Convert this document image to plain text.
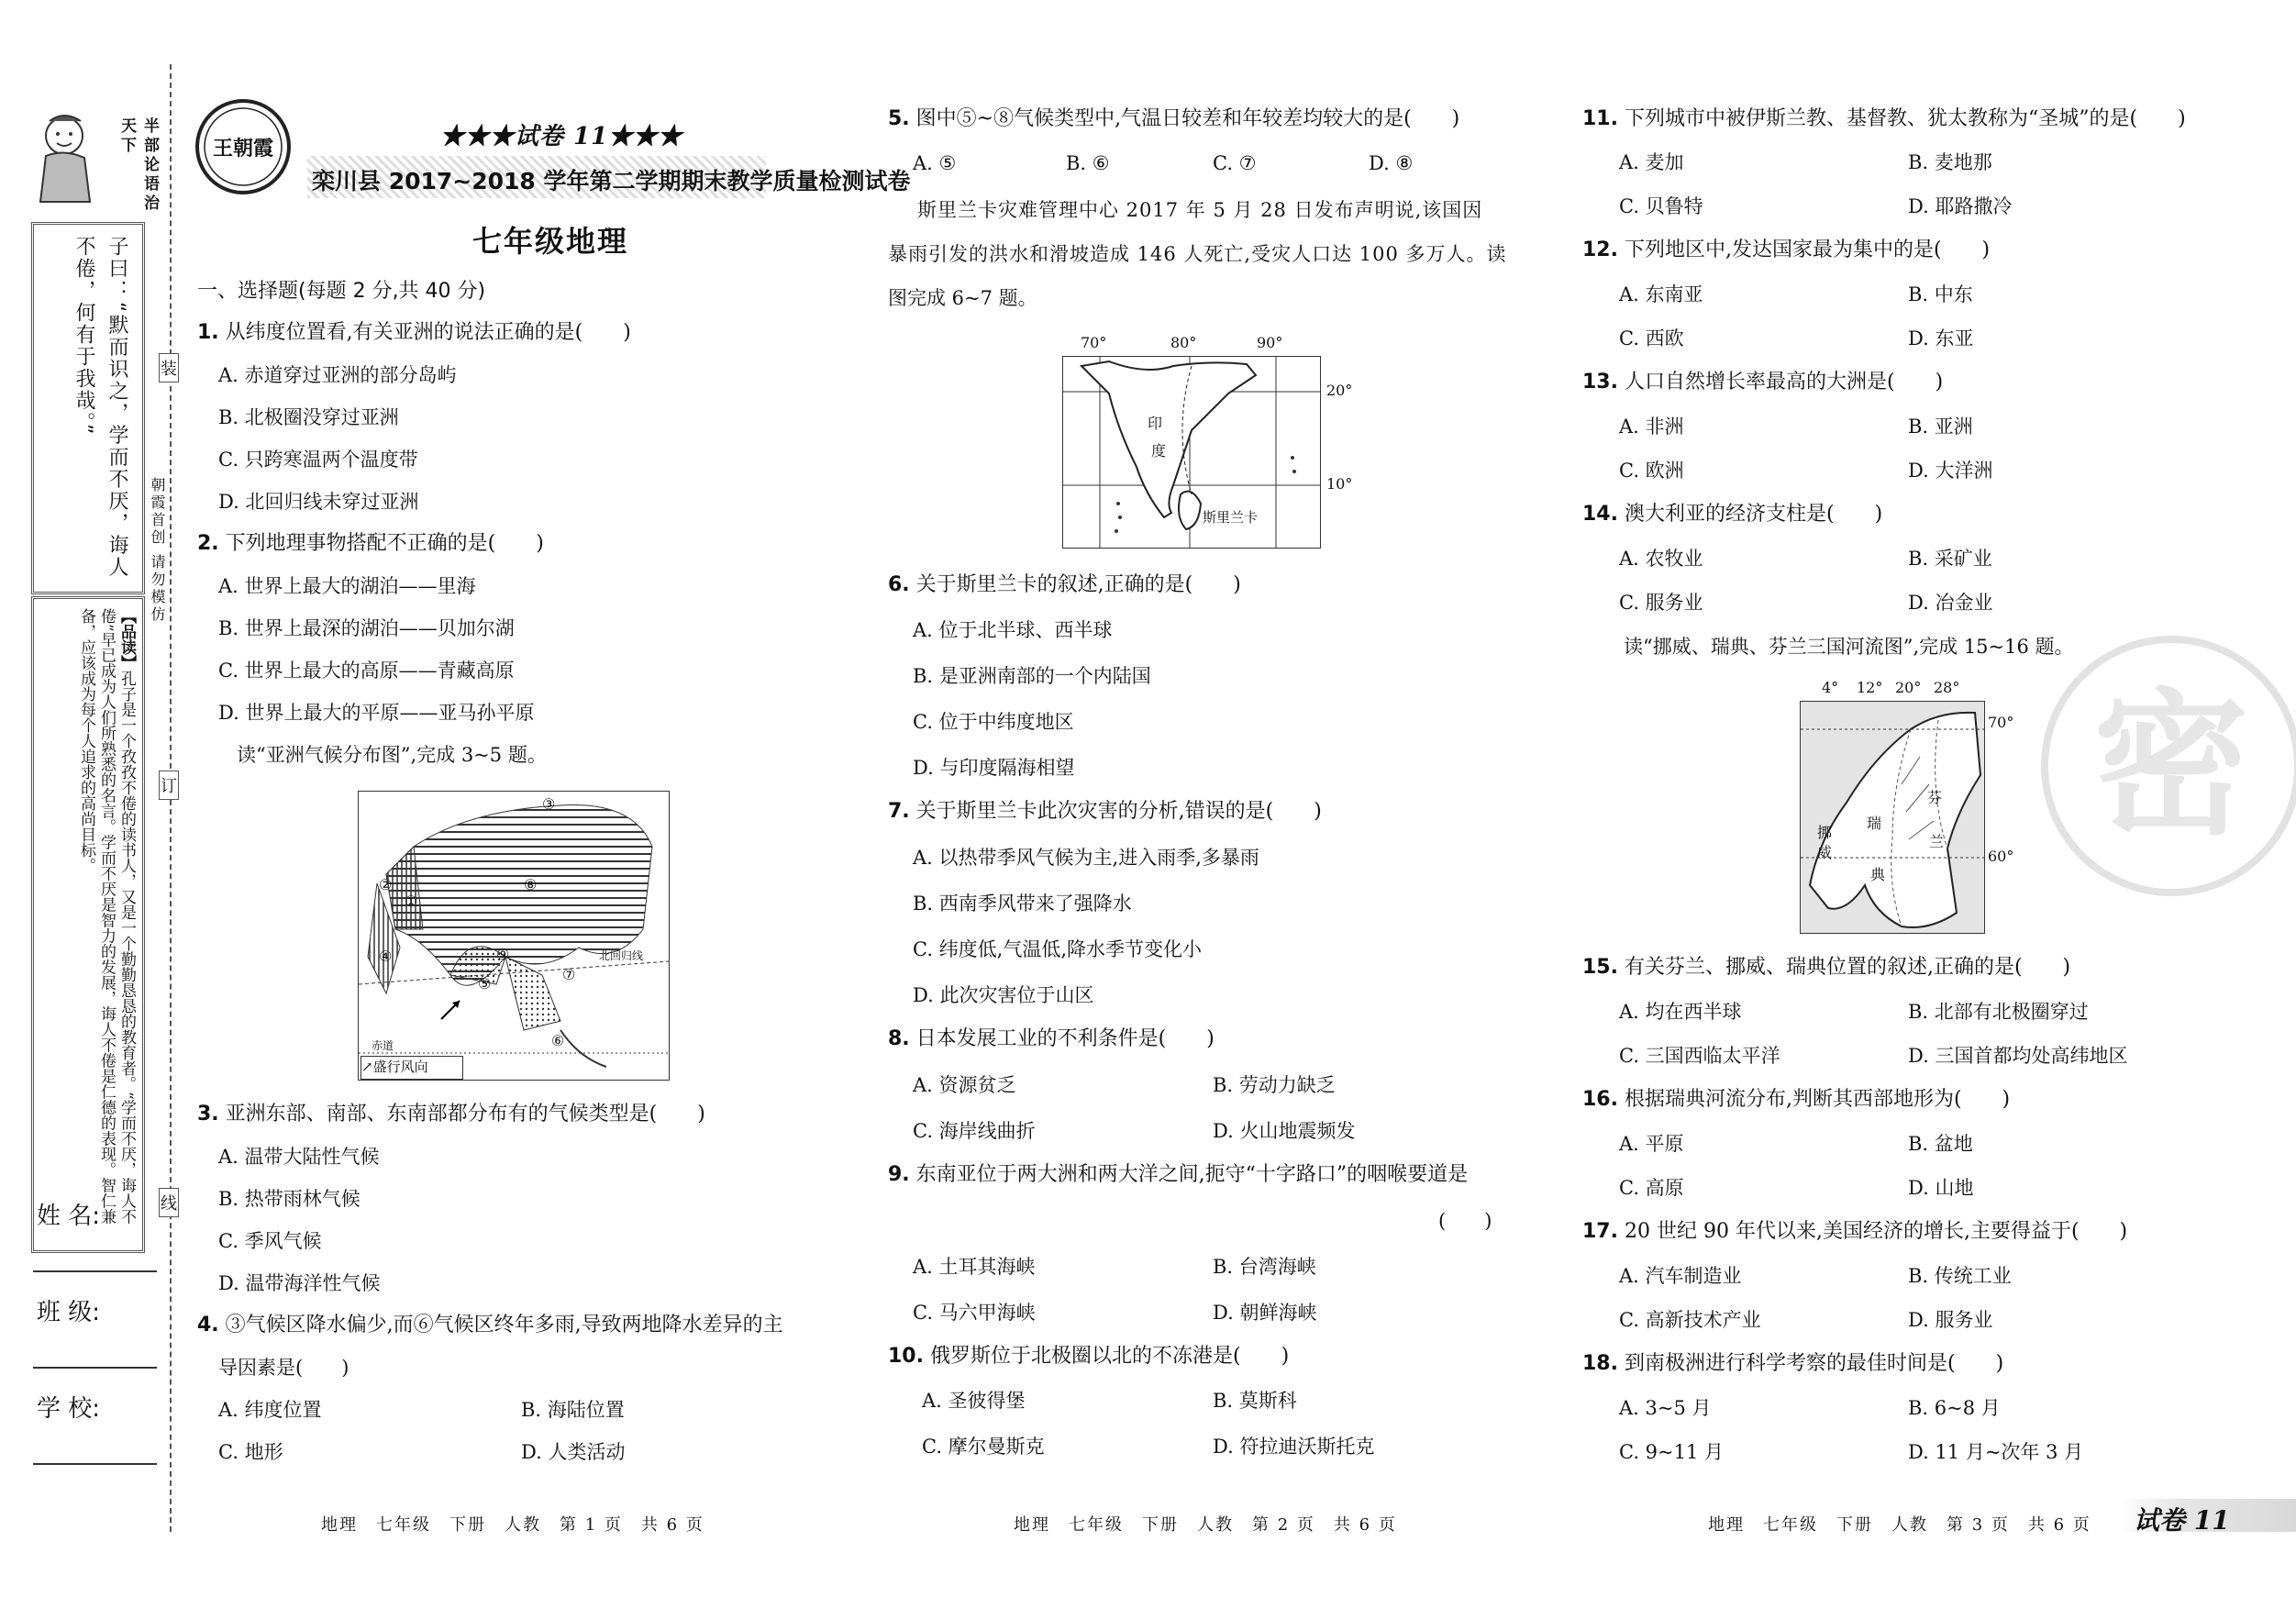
半部论语治天下
子曰：“默而识之，学而不厌，诲人不倦，何有于我哉。”
【品读】孔子是一个孜孜不倦的读书人，又是一个勤勤恳恳的教育者。“学而不厌，诲人不倦”早已成为人们所熟悉的名言。学而不厌是智力的发展，诲人不倦是仁德的表现。智仁兼备，应该成为每个人追求的高尚目标。
装
订
线
朝霞首创 请勿模仿
姓 名:
班 级:
学 校:
王朝霞	★★★试卷 11★★★
栾川县 2017~2018 学年第二学期期末教学质量检测试卷
七年级地理
一、选择题(每题 2 分,共 40 分)
1. 从纬度位置看,有关亚洲的说法正确的是(　　)
A. 赤道穿过亚洲的部分岛屿
B. 北极圈没穿过亚洲
C. 只跨寒温两个温度带
D. 北回归线未穿过亚洲
2. 下列地理事物搭配不正确的是(　　)
A. 世界上最大的湖泊——里海
B. 世界上最深的湖泊——贝加尔湖
C. 世界上最大的高原——青藏高原
D. 世界上最大的平原——亚马孙平原
读“亚洲气候分布图”,完成 3~5 题。
③
②	⑧
①
④	⑨
⑤
⑦
⑥
北回归线
赤道
↗盛行风向
3. 亚洲东部、南部、东南部都分布有的气候类型是(　　)
A. 温带大陆性气候
B. 热带雨林气候
C. 季风气候
D. 温带海洋性气候
4. ③气候区降水偏少,而⑥气候区终年多雨,导致两地降水差异的主
导因素是(　　)
A. 纬度位置	B. 海陆位置
C. 地形	D. 人类活动
地理　七年级　下册　人教　第 1 页　共 6 页
5. 图中⑤~⑧气候类型中,气温日较差和年较差均较大的是(　　)
A. ⑤	B. ⑥	C. ⑦	D. ⑧
斯里兰卡灾难管理中心 2017 年 5 月 28 日发布声明说,该国因
暴雨引发的洪水和滑坡造成 146 人死亡,受灾人口达 100 多万人。读
图完成 6~7 题。
70°	80°	90°
印
度
斯里兰卡
20°
10°
6. 关于斯里兰卡的叙述,正确的是(　　)
A. 位于北半球、西半球
B. 是亚洲南部的一个内陆国
C. 位于中纬度地区
D. 与印度隔海相望
7. 关于斯里兰卡此次灾害的分析,错误的是(　　)
A. 以热带季风气候为主,进入雨季,多暴雨
B. 西南季风带来了强降水
C. 纬度低,气温低,降水季节变化小
D. 此次灾害位于山区
8. 日本发展工业的不利条件是(　　)
A. 资源贫乏	B. 劳动力缺乏
C. 海岸线曲折	D. 火山地震频发
9. 东南亚位于两大洲和两大洋之间,扼守“十字路口”的咽喉要道是
(　　)
A. 土耳其海峡	B. 台湾海峡
C. 马六甲海峡	D. 朝鲜海峡
10. 俄罗斯位于北极圈以北的不冻港是(　　)
A. 圣彼得堡	B. 莫斯科
C. 摩尔曼斯克	D. 符拉迪沃斯托克
地理　七年级　下册　人教　第 2 页　共 6 页
密
11. 下列城市中被伊斯兰教、基督教、犹太教称为“圣城”的是(　　)
A. 麦加	B. 麦地那
C. 贝鲁特	D. 耶路撒冷
12. 下列地区中,发达国家最为集中的是(　　)
A. 东南亚	B. 中东
C. 西欧	D. 东亚
13. 人口自然增长率最高的大洲是(　　)
A. 非洲	B. 亚洲
C. 欧洲	D. 大洋洲
14. 澳大利亚的经济支柱是(　　)
A. 农牧业	B. 采矿业
C. 服务业	D. 冶金业
读“挪威、瑞典、芬兰三国河流图”,完成 15~16 题。
4° 12° 20° 28°
挪
威
瑞
典
芬
兰
70°
60°
15. 有关芬兰、挪威、瑞典位置的叙述,正确的是(　　)
A. 均在西半球	B. 北部有北极圈穿过
C. 三国西临太平洋	D. 三国首都均处高纬地区
16. 根据瑞典河流分布,判断其西部地形为(　　)
A. 平原	B. 盆地
C. 高原	D. 山地
17. 20 世纪 90 年代以来,美国经济的增长,主要得益于(　　)
A. 汽车制造业	B. 传统工业
C. 高新技术产业	D. 服务业
18. 到南极洲进行科学考察的最佳时间是(　　)
A. 3~5 月	B. 6~8 月
C. 9~11 月	D. 11 月~次年 3 月
地理　七年级　下册　人教　第 3 页　共 6 页 试卷 11
